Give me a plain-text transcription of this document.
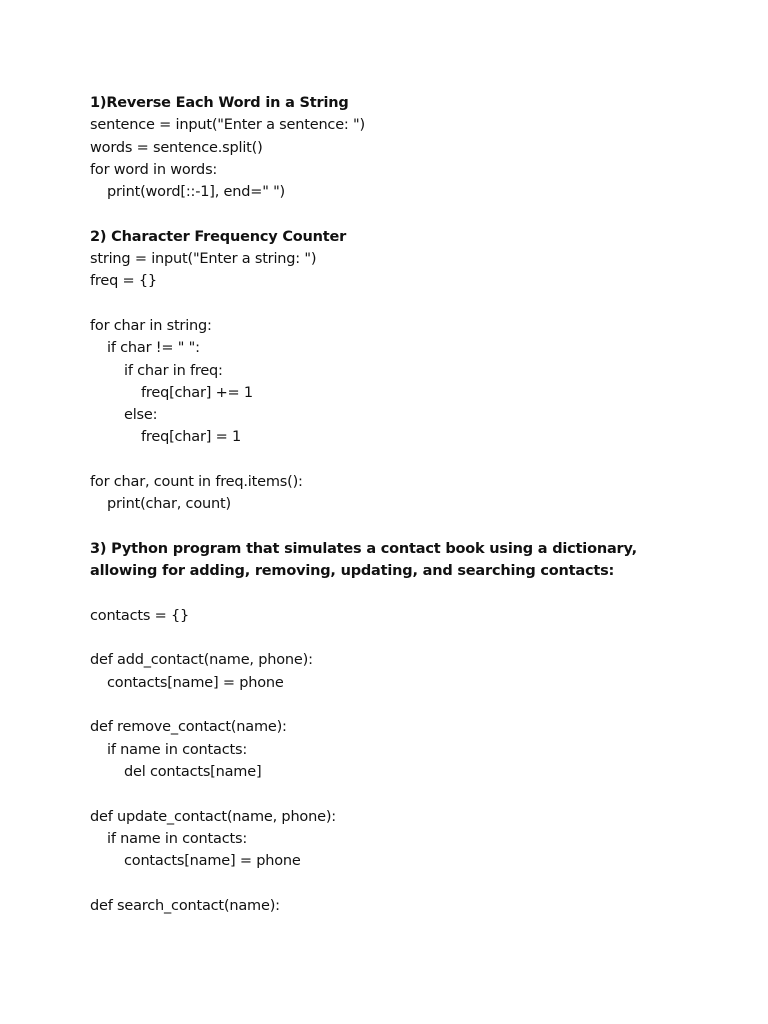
1)Reverse Each Word in a String
sentence = input("Enter a sentence: ")
words = sentence.split()
for word in words:
print(word[::-1], end=" ")
2) Character Frequency Counter
string = input("Enter a string: ")
freq = {}
for char in string:
if char != " ":
if char in freq:
freq[char] += 1
else:
freq[char] = 1
for char, count in freq.items():
print(char, count)
3) Python program that simulates a contact book using a dictionary,
allowing for adding, removing, updating, and searching contacts:
contacts = {}
def add_contact(name, phone):
contacts[name] = phone
def remove_contact(name):
if name in contacts:
del contacts[name]
def update_contact(name, phone):
if name in contacts:
contacts[name] = phone
def search_contact(name):
